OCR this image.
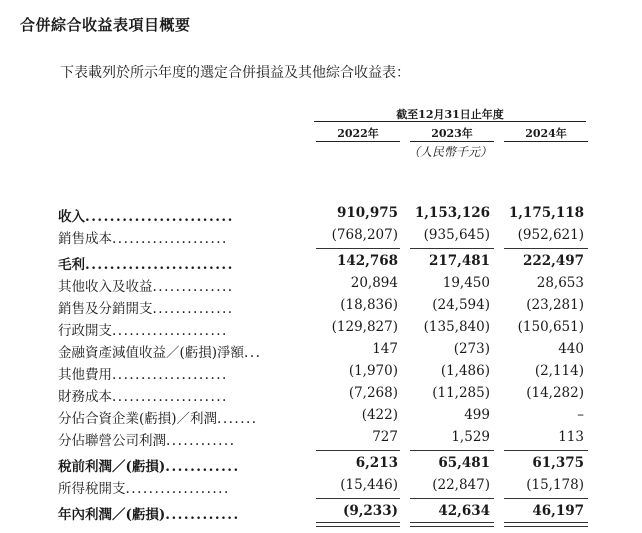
合併綜合收益表項目概要
下表載列於所示年度的選定合併損益及其他綜合收益表：
截至12月31日止年度
2022年	2023年	2024年
（人民幣千元）
收入........................	910,975	1,153,126	1,175,118
銷售成本....................	(768,207)	(935,645)	(952,621)
毛利........................	142,768	217,481	222,497
其他收入及收益..............	20,894	19,450	28,653
銷售及分銷開支..............	(18,836)	(24,594)	(23,281)
行政開支....................	(129,827)	(135,840)	(150,651)
金融資產減值收益／(虧損)淨額...	147	(273)	440
其他費用....................	(1,970)	(1,486)	(2,114)
財務成本....................	(7,268)	(11,285)	(14,282)
分佔合資企業(虧損)／利潤.......	(422)	499	–
分佔聯營公司利潤............	727	1,529	113
稅前利潤／(虧損)............	6,213	65,481	61,375
所得稅開支..................	(15,446)	(22,847)	(15,178)
年內利潤／(虧損)............	(9,233)	42,634	46,197
